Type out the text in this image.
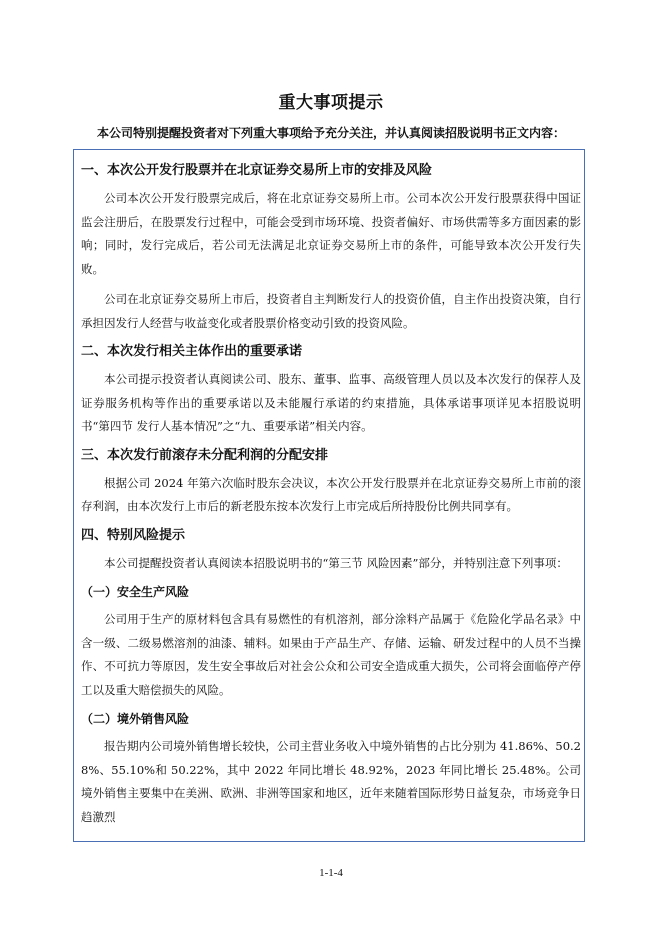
重大事项提示
本公司特别提醒投资者对下列重大事项给予充分关注，并认真阅读招股说明书正文内容：
一、本次公开发行股票并在北京证券交易所上市的安排及风险
公司本次公开发行股票完成后，将在北京证券交易所上市。公司本次公开发行股票获得中国证监会注册后，在股票发行过程中，可能会受到市场环境、投资者偏好、市场供需等多方面因素的影响；同时，发行完成后，若公司无法满足北京证券交易所上市的条件，可能导致本次公开发行失败。
公司在北京证券交易所上市后，投资者自主判断发行人的投资价值，自主作出投资决策，自行承担因发行人经营与收益变化或者股票价格变动引致的投资风险。
二、本次发行相关主体作出的重要承诺
本公司提示投资者认真阅读公司、股东、董事、监事、高级管理人员以及本次发行的保荐人及证券服务机构等作出的重要承诺以及未能履行承诺的约束措施，具体承诺事项详见本招股说明书“第四节 发行人基本情况”之“九、重要承诺”相关内容。
三、本次发行前滚存未分配利润的分配安排
根据公司 2024 年第六次临时股东会决议，本次公开发行股票并在北京证券交易所上市前的滚存利润，由本次发行上市后的新老股东按本次发行上市完成后所持股份比例共同享有。
四、特别风险提示
本公司提醒投资者认真阅读本招股说明书的“第三节 风险因素”部分，并特别注意下列事项：
（一）安全生产风险
公司用于生产的原材料包含具有易燃性的有机溶剂，部分涂料产品属于《危险化学品名录》中含一级、二级易燃溶剂的油漆、辅料。如果由于产品生产、存储、运输、研发过程中的人员不当操作、不可抗力等原因，发生安全事故后对社会公众和公司安全造成重大损失，公司将会面临停产停工以及重大赔偿损失的风险。
（二）境外销售风险
报告期内公司境外销售增长较快，公司主营业务收入中境外销售的占比分别为 41.86%、50.28%、55.10%和 50.22%，其中 2022 年同比增长 48.92%，2023 年同比增长 25.48%。公司境外销售主要集中在美洲、欧洲、非洲等国家和地区，近年来随着国际形势日益复杂，市场竞争日趋激烈
1-1-4
